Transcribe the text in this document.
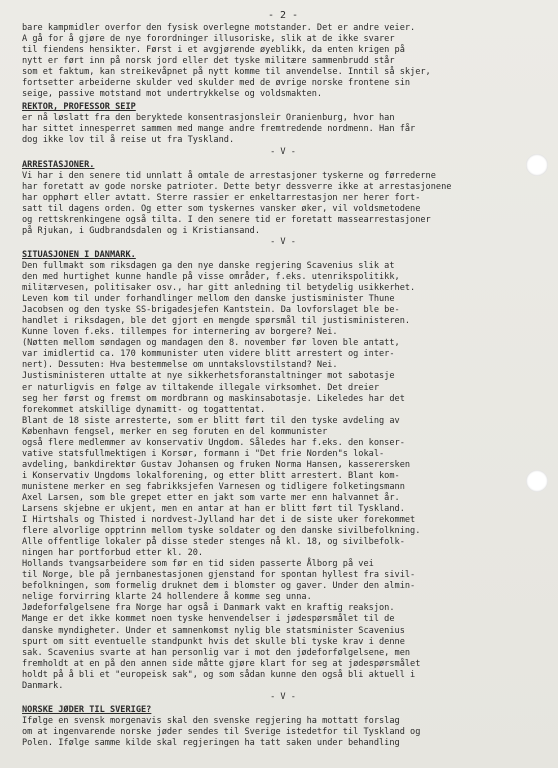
- 2 -

bare kampmidler overfor den fysisk overlegne motstander. Det er andre veier.

A gå for å gjøre de nye forordninger illusoriske, slik at de ikke svarer

til fiendens hensikter. Først i et avgjørende øyeblikk, da enten krigen på

nytt er ført inn på norsk jord eller det tyske militære sammenbrudd står

som et faktum, kan streikevåpnet på nytt komme til anvendelse. Inntil så skjer,

fortsetter arbeiderne skulder ved skulder med de øvrige norske frontene sin

seige, passive motstand mot undertrykkelse og voldsmakten.

REKTOR, PROFESSOR SEIP

er nå løslatt fra den beryktede konsentrasjonsleir Oranienburg, hvor han

har sittet innesperret sammen med mange andre fremtredende nordmenn. Han får

dog ikke lov til å reise ut fra Tyskland.

- V -

ARRESTASJONER.

Vi har i den senere tid unnlatt å omtale de arrestasjoner tyskerne og førrederne

har foretatt av gode norske patrioter. Dette betyr dessverre ikke at arrestasjonene

har opphørt eller avtatt. Sterre rassier er enkeltarrestasjon ner herer fort-

satt til dagens orden. Og etter som tyskernes vansker øker, vil voldsmetodene

og rettskrenkingene også tilta. I den senere tid er foretatt massearrestasjoner

på Rjukan, i Gudbrandsdalen og i Kristiansand.

- V -

SITUASJONEN I DANMARK.

Den fullmakt som riksdagen ga den nye danske regjering Scavenius slik at

den med hurtighet kunne handle på visse områder, f.eks. utenrikspolitikk,

militærvesen, politisaker osv., har gitt anledning til betydelig usikkerhet.

Leven kom til under forhandlinger mellom den danske justisminister Thune

Jacobsen og den tyske SS-brigadesjefen Kantstein. Da lovforslaget ble be-

handlet i riksdagen, ble det gjort en mengde spørsmål til justisministeren.

Kunne loven f.eks. tillempes for internering av borgere? Nei.

(Nøtten mellom søndagen og mandagen den 8. november før loven ble antatt,

var imidlertid ca. 170 kommunister uten videre blitt arrestert og inter-

nert). Dessuten: Hva bestemmelse om unntakslovstilstand? Nei.

Justisministeren uttalte at nye sikkerhetsforanstaltninger mot sabotasje

er naturligvis en følge av tiltakende illegale virksomhet. Det dreier

seg her først og fremst om mordbrann og maskinsabotasje. Likeledes har det

forekommet atskillige dynamitt- og togattentat.

Blant de 18 siste arresterte, som er blitt ført til den tyske avdeling av

København fengsel, merker en seg foruten en del kommunister

også flere medlemmer av konservativ Ungdom. Således har f.eks. den konser-

vative statsfullmektigen i Korsør, formann i "Det frie Norden"s lokal-

avdeling, bankdirektør Gustav Johansen og fruken Norma Hansen, kasserersken

i Konservativ Ungdoms lokalforening, og etter blitt arrestert. Blant kom-

munistene merker en seg fabrikksjefen Varnesen og tidligere folketingsmann

Axel Larsen, som ble grepet etter en jakt som varte mer enn halvannet år.

Larsens skjebne er ukjent, men en antar at han er blitt ført til Tyskland.

I Hirtshals og Thisted i nordvest-Jylland har det i de siste uker forekommet

flere alvorlige opptrinn mellom tyske soldater og den danske sivilbefolkning.

Alle offentlige lokaler på disse steder stenges nå kl. 18, og sivilbefolk-

ningen har portforbud etter kl. 20.

Hollands tvangsarbeidere som før en tid siden passerte Ålborg på vei

til Norge, ble på jernbanestasjonen gjenstand for spontan hyllest fra sivil-

befolkningen, som formelig druknet dem i blomster og gaver. Under den almin-

nelige forvirring klarte 24 hollendere å komme seg unna.

Jødeforfølgelsene fra Norge har også i Danmark vakt en kraftig reaksjon.

Mange er det ikke kommet noen tyske henvendelser i jødespørsmålet til de

danske myndigheter. Under et samnenkomst nylig ble statsminister Scavenius

spurt om sitt eventuelle standpunkt hvis det skulle bli tyske krav i denne

sak. Scavenius svarte at han personlig var i mot den jødeforfølgelsene, men

fremholdt at en på den annen side måtte gjøre klart for seg at jødespørsmålet

holdt på å bli et "europeisk sak", og som sådan kunne den også bli aktuell i

Danmark.

- V -

NORSKE JØDER TIL SVERIGE?

Ifølge en svensk morgenavis skal den svenske regjering ha mottatt forslag

om at ingenvarende norske jøder sendes til Sverige istedetfor til Tyskland og

Polen. Ifølge samme kilde skal regjeringen ha tatt saken under behandling
